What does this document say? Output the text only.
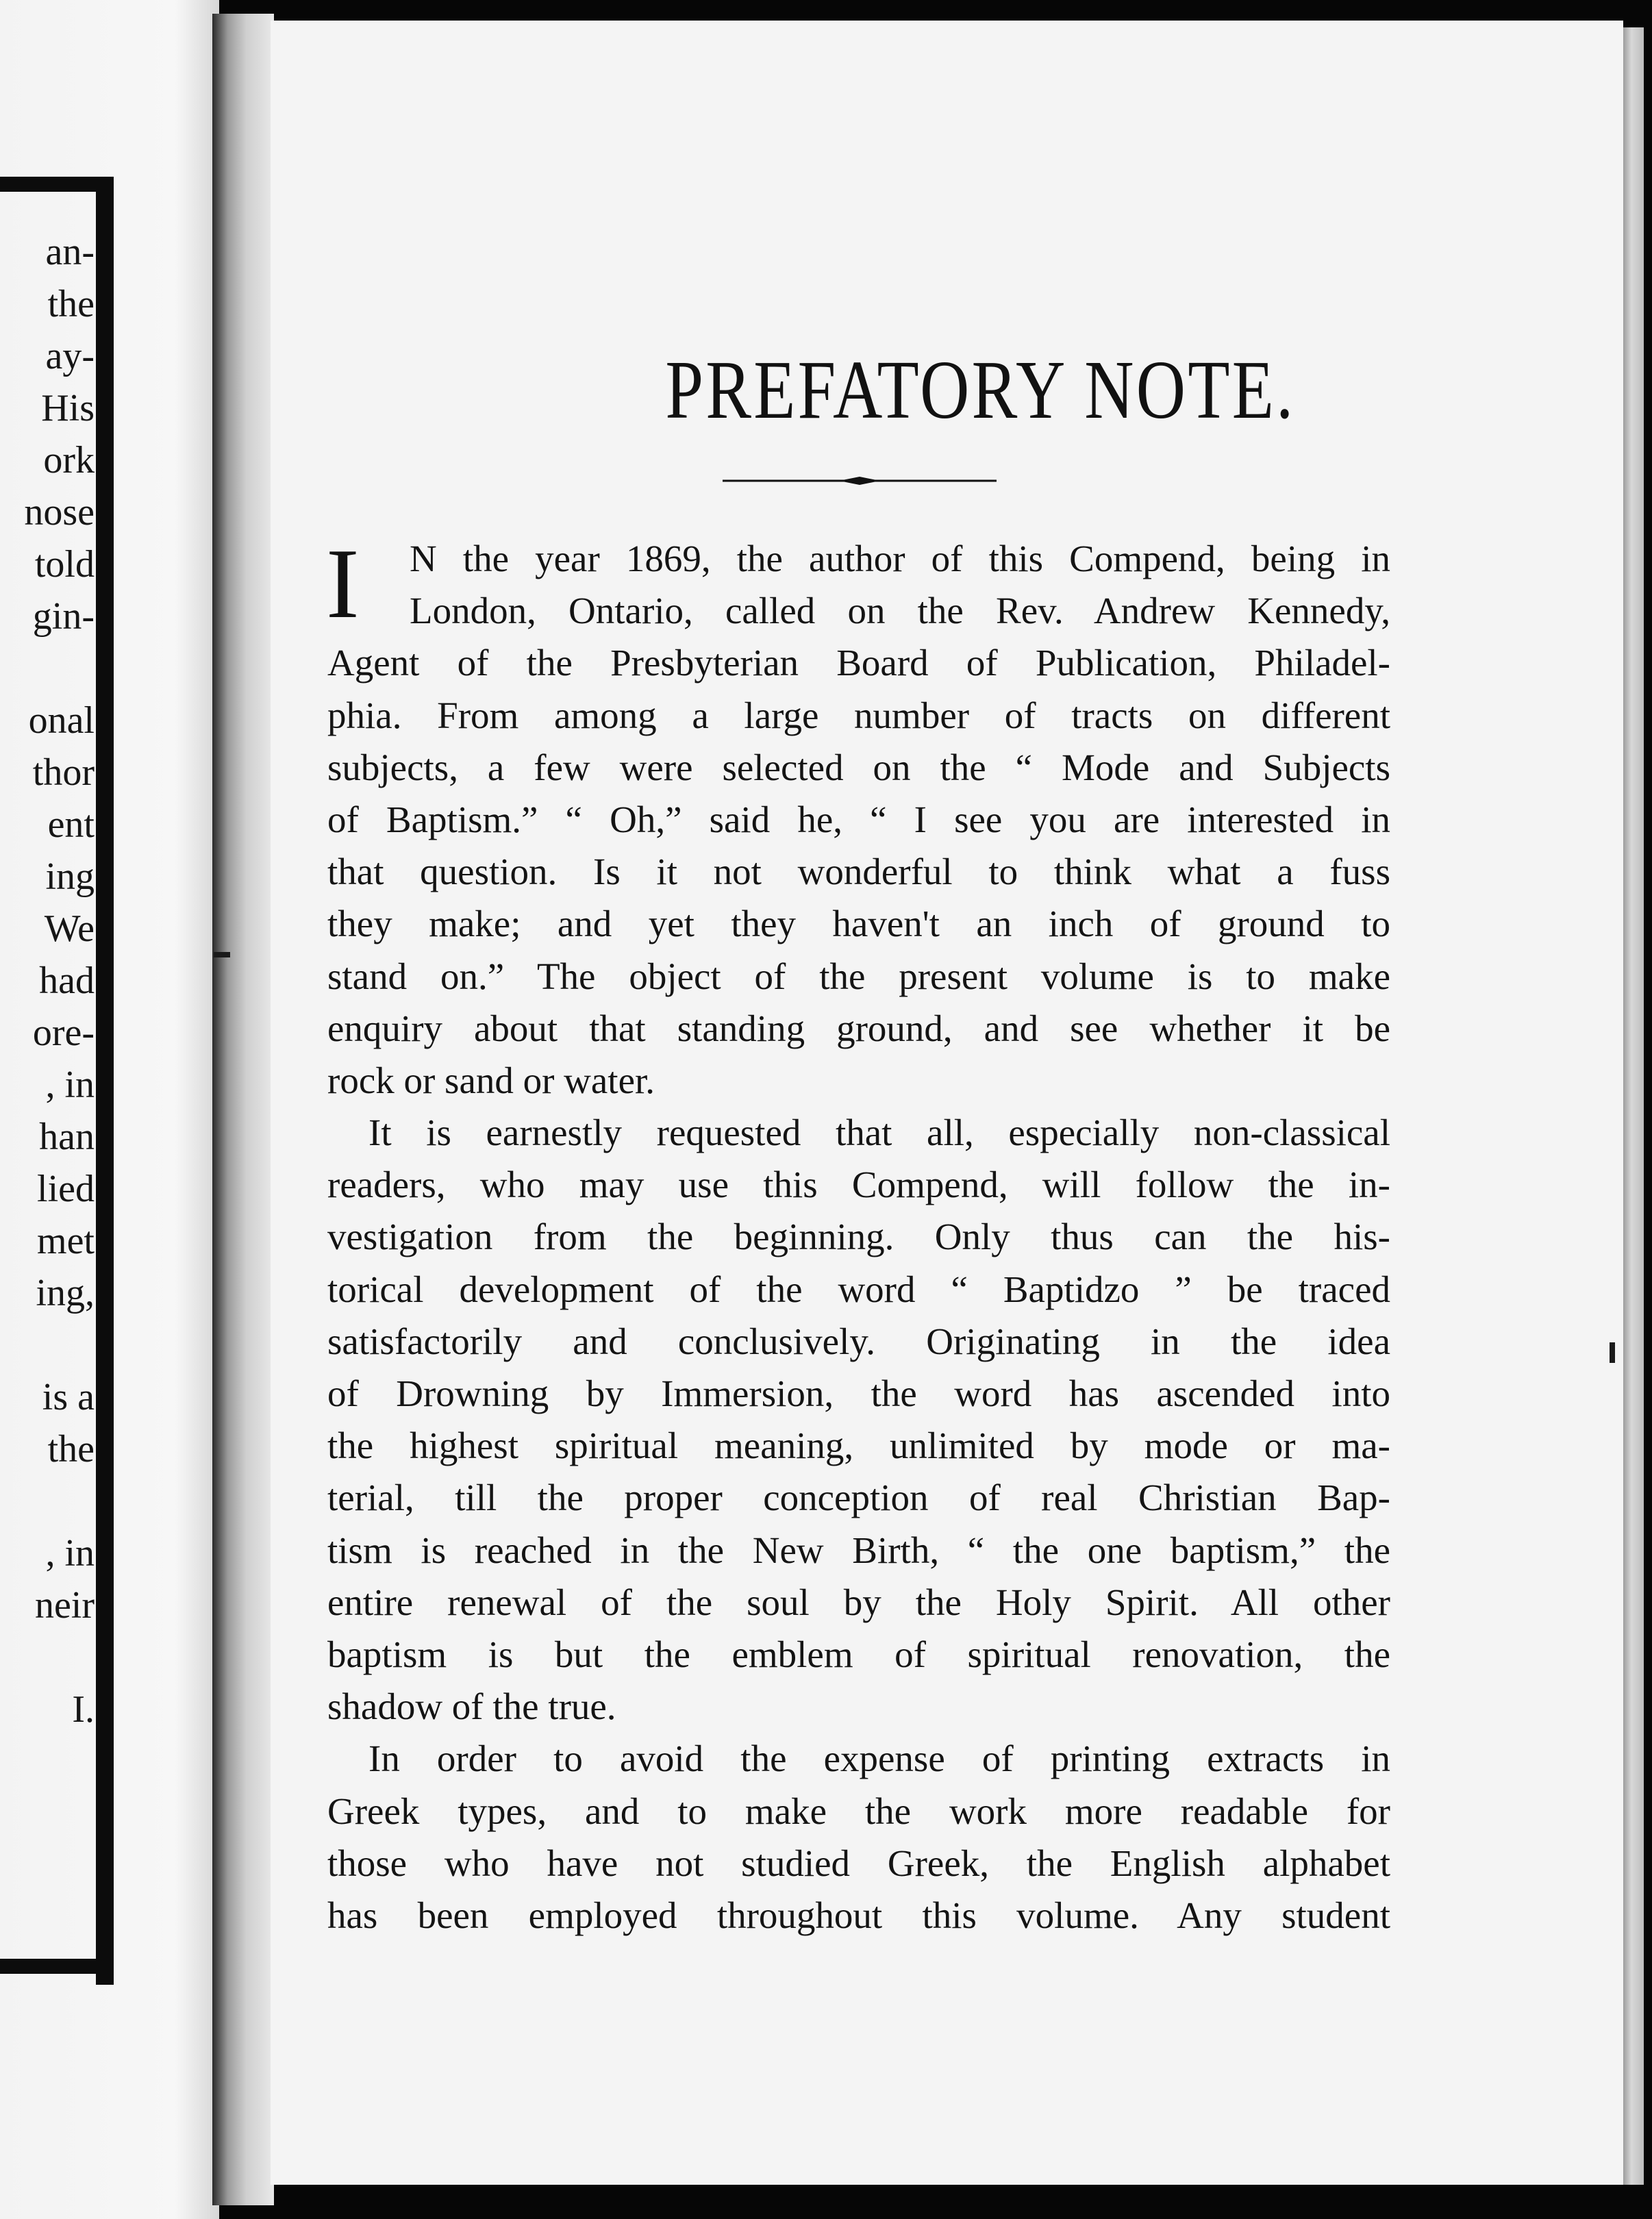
an-
the
ay-
His
ork
nose
told
gin-
onal
thor
ent
ing
We
had
ore-
, in
han
lied
met
ing,
is a
the
, in
neir
I.
PREFATORY NOTE.
I	N the year 1869, the author of this Compend, being in
London, Ontario, called on the Rev. Andrew Kennedy,
Agent of the Presbyterian Board of Publication, Philadel-
phia. From among a large number of tracts on different
subjects, a few were selected on the “ Mode and Subjects
of Baptism.” “ Oh,” said he, “ I see you are interested in
that question. Is it not wonderful to think what a fuss
they make; and yet they haven't an inch of ground to
stand on.” The object of the present volume is to make
enquiry about that standing ground, and see whether it be
rock or sand or water.
It is earnestly requested that all, especially non-classical
readers, who may use this Compend, will follow the in-
vestigation from the beginning. Only thus can the his-
torical development of the word “ Baptidzo ” be traced
satisfactorily and conclusively. Originating in the idea
of Drowning by Immersion, the word has ascended into
the highest spiritual meaning, unlimited by mode or ma-
terial, till the proper conception of real Christian Bap-
tism is reached in the New Birth, “ the one baptism,” the
entire renewal of the soul by the Holy Spirit. All other
baptism is but the emblem of spiritual renovation, the
shadow of the true.
In order to avoid the expense of printing extracts in
Greek types, and to make the work more readable for
those who have not studied Greek, the English alphabet
has been employed throughout this volume. Any student
